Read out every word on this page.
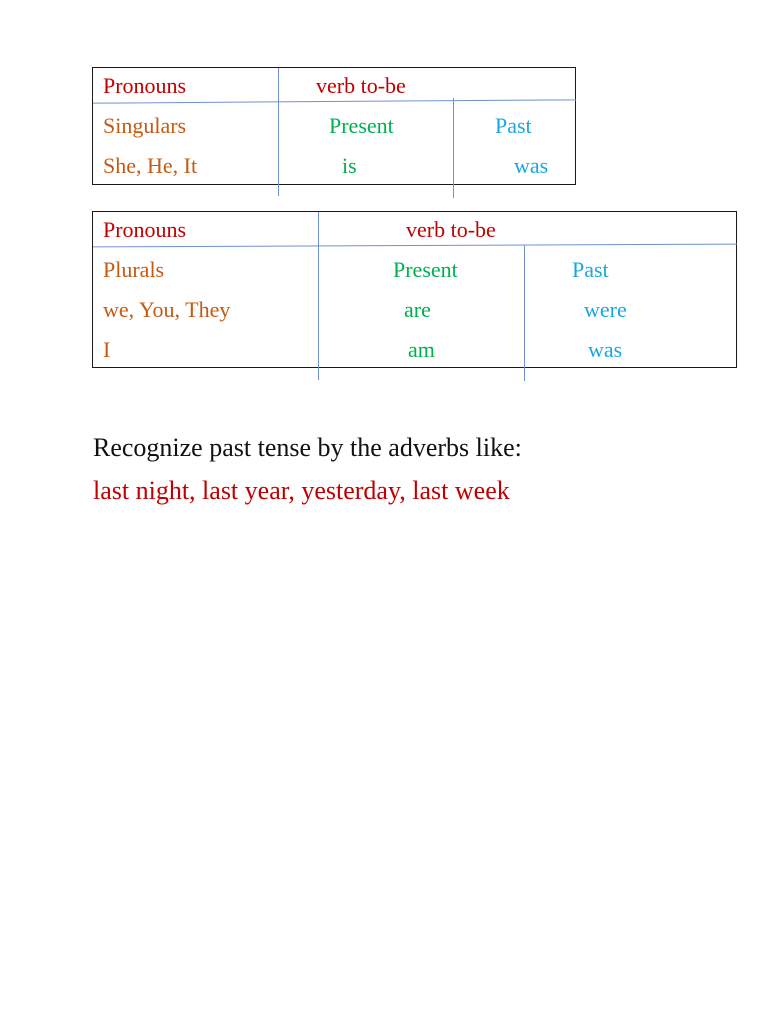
Pronouns	verb to-be
Singulars	Present	Past
She, He, It	is	was
Pronouns	verb to-be
Plurals	Present	Past
we, You, They	are	were
I	am	was
Recognize past tense by the adverbs like:
last night, last year, yesterday, last week
